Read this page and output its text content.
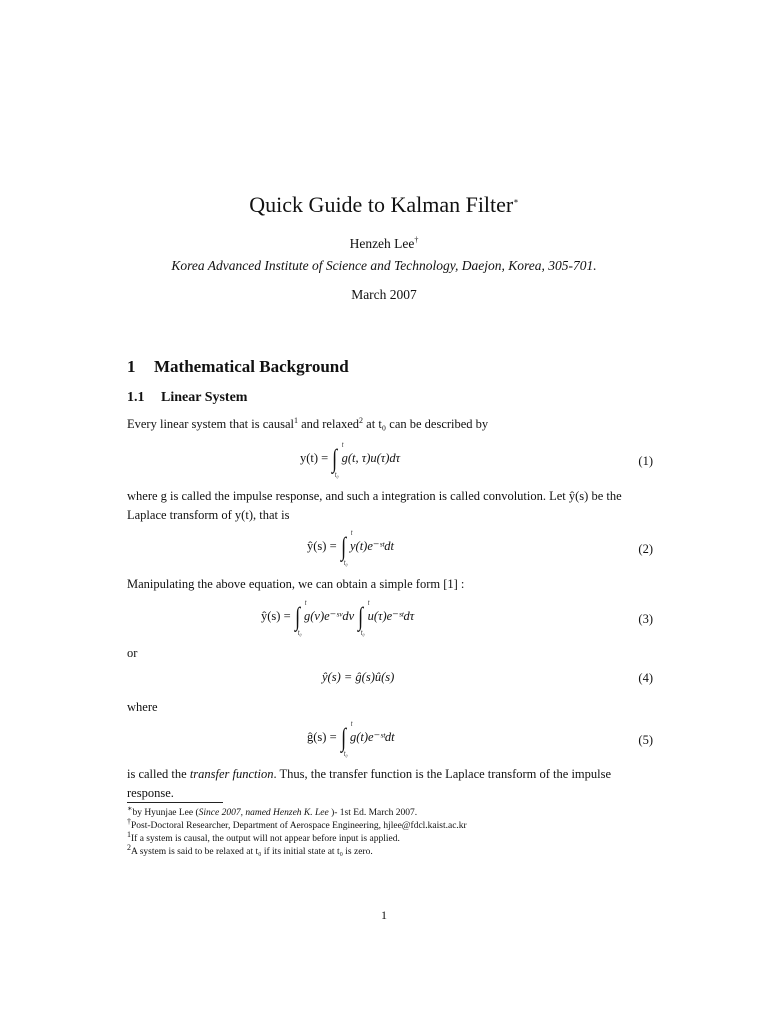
Quick Guide to Kalman Filter∗
Henzeh Lee†
Korea Advanced Institute of Science and Technology, Daejon, Korea, 305-701.
March 2007
1 Mathematical Background
1.1 Linear System
Every linear system that is causal$^1$ and relaxed$^2$ at t₀ can be described by
y(t) = ∫ t
t₀
g(t, τ)u(τ)dτ	(1)
where g is called the impulse response, and such a integration is called convolution. Let ŷ(s) be the Laplace transform of y(t), that is
ŷ(s) = ∫ t
t₀
y(t)e⁻ˢᵗdt	(2)
Manipulating the above equation, we can obtain a simple form [1] :
ŷ(s) = ∫ t
t₀
g(v)e⁻ˢᵛdv ∫ t
t₀
u(τ)e⁻ˢᵗdτ	(3)
or
ŷ(s) = ĝ(s)û(s)	(4)
where
ĝ(s) = ∫ t
t₀
g(t)e⁻ˢᵗdt	(5)
is called the transfer function. Thus, the transfer function is the Laplace transform of the impulse response.
∗by Hyunjae Lee (Since 2007, named Henzeh K. Lee )- 1st Ed. March 2007.
†Post-Doctoral Researcher, Department of Aerospace Engineering, hjlee@fdcl.kaist.ac.kr
$^1$If a system is causal, the output will not appear before input is applied.
$^2$A system is said to be relaxed at t₀ if its initial state at t₀ is zero.
1
